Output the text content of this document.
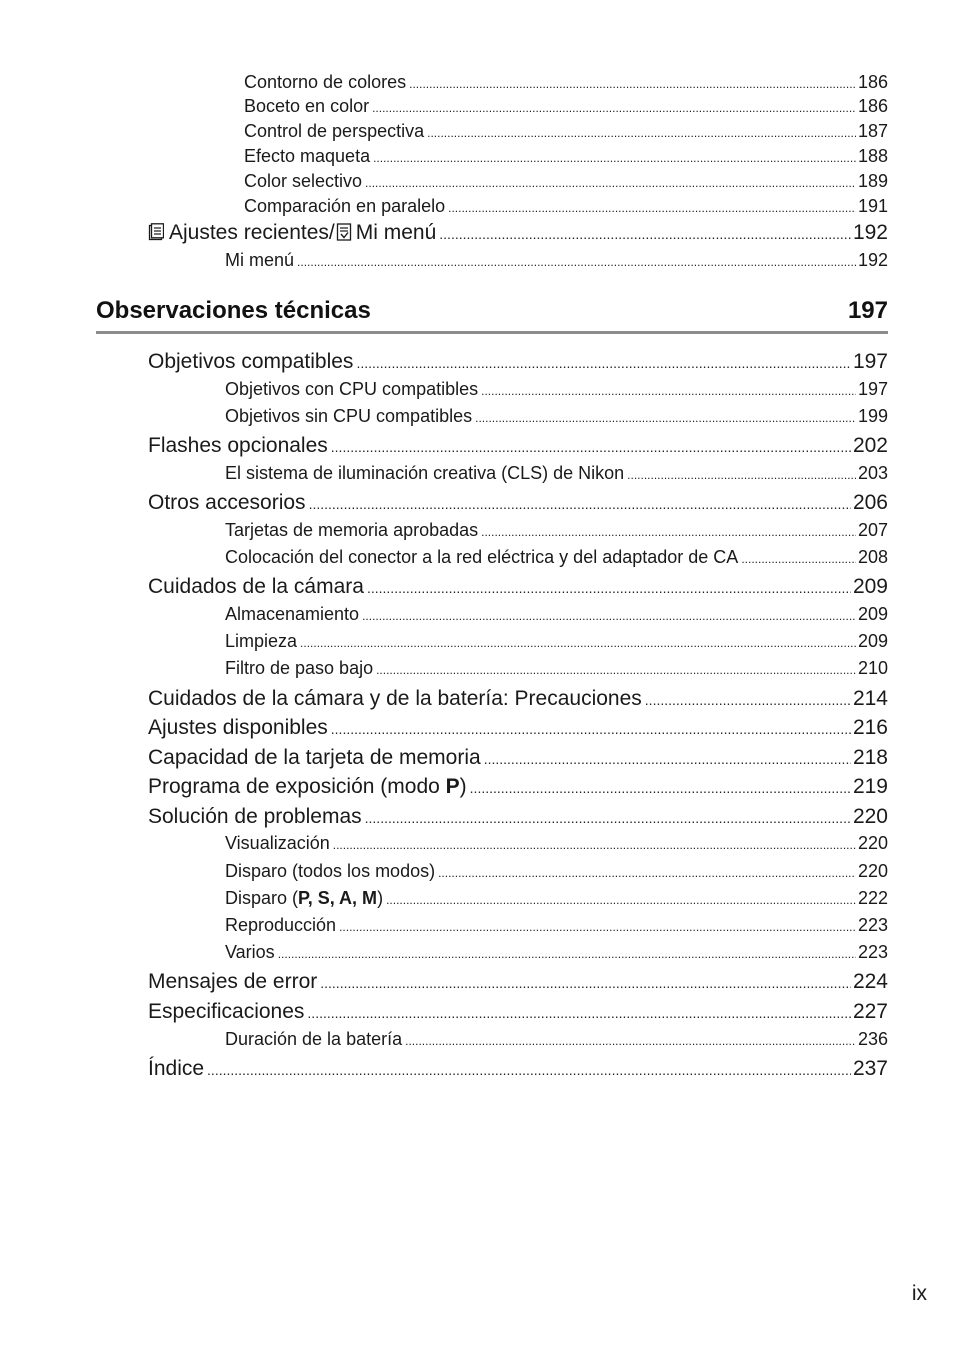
Contorno de colores .....	186
Boceto en color .....	186
Control de perspectiva .....	187
Efecto maqueta .....	188
Color selectivo .....	189
Comparación en paralelo .....	191
Ajustes recientes/ Mi menú .....	192
Mi menú .....	192
Observaciones técnicas	197
Objetivos compatibles .....	197
Objetivos con CPU compatibles .....	197
Objetivos sin CPU compatibles .....	199
Flashes opcionales .....	202
El sistema de iluminación creativa (CLS) de Nikon .....	203
Otros accesorios .....	206
Tarjetas de memoria aprobadas .....	207
Colocación del conector a la red eléctrica y del adaptador de CA .....	208
Cuidados de la cámara .....	209
Almacenamiento .....	209
Limpieza .....	209
Filtro de paso bajo .....	210
Cuidados de la cámara y de la batería: Precauciones .....	214
Ajustes disponibles .....	216
Capacidad de la tarjeta de memoria .....	218
Programa de exposición (modo P) .....	219
Solución de problemas .....	220
Visualización .....	220
Disparo (todos los modos) .....	220
Disparo (P, S, A, M) .....	222
Reproducción .....	223
Varios .....	223
Mensajes de error .....	224
Especificaciones .....	227
Duración de la batería .....	236
Índice .....	237
ix
